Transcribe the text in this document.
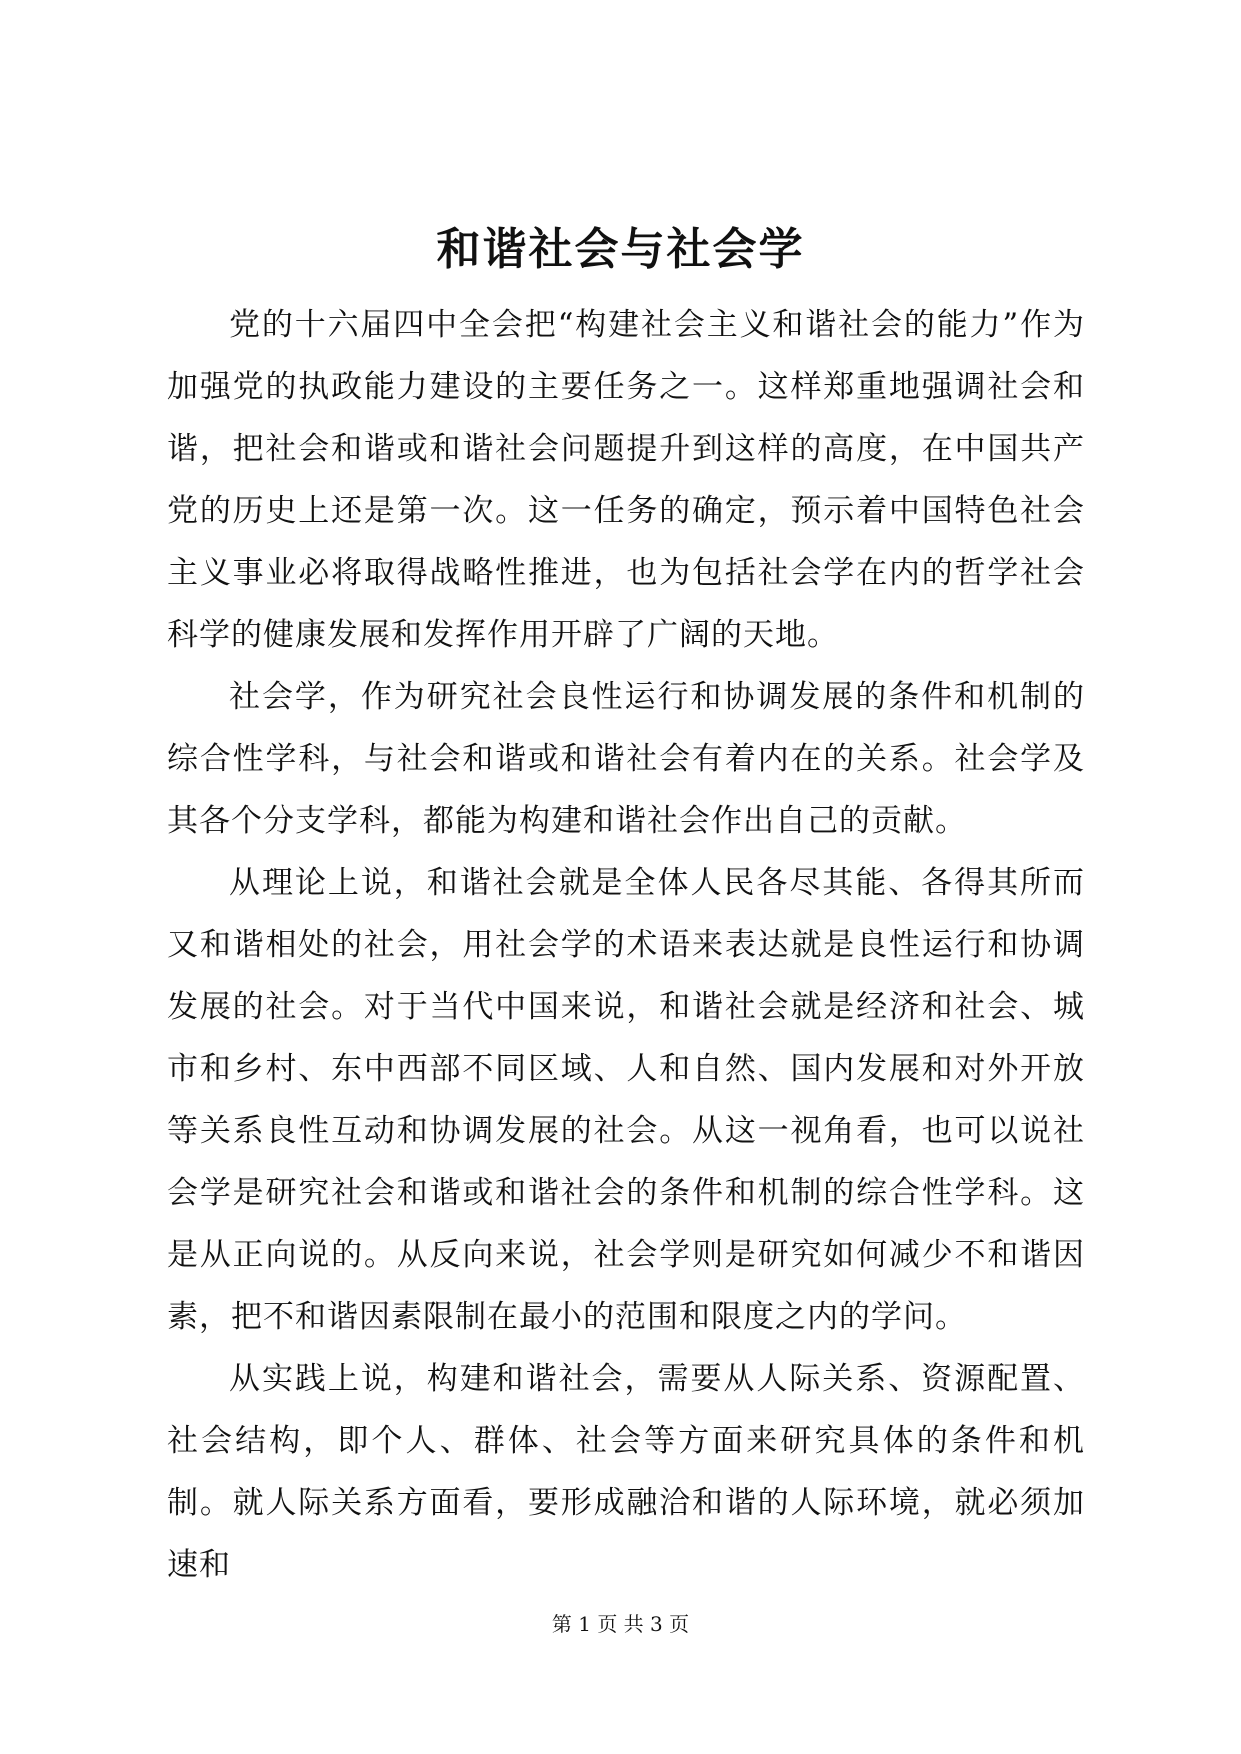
和谐社会与社会学

党的十六届四中全会把“构建社会主义和谐社会的能力”作为加强党的执政能力建设的主要任务之一。这样郑重地强调社会和谐，把社会和谐或和谐社会问题提升到这样的高度，在中国共产党的历史上还是第一次。这一任务的确定，预示着中国特色社会主义事业必将取得战略性推进，也为包括社会学在内的哲学社会科学的健康发展和发挥作用开辟了广阔的天地。

社会学，作为研究社会良性运行和协调发展的条件和机制的综合性学科，与社会和谐或和谐社会有着内在的关系。社会学及其各个分支学科，都能为构建和谐社会作出自己的贡献。

从理论上说，和谐社会就是全体人民各尽其能、各得其所而又和谐相处的社会，用社会学的术语来表达就是良性运行和协调发展的社会。对于当代中国来说，和谐社会就是经济和社会、城市和乡村、东中西部不同区域、人和自然、国内发展和对外开放等关系良性互动和协调发展的社会。从这一视角看，也可以说社会学是研究社会和谐或和谐社会的条件和机制的综合性学科。这是从正向说的。从反向来说，社会学则是研究如何减少不和谐因素，把不和谐因素限制在最小的范围和限度之内的学问。

从实践上说，构建和谐社会，需要从人际关系、资源配置、社会结构，即个人、群体、社会等方面来研究具体的条件和机制。就人际关系方面看，要形成融洽和谐的人际环境，就必须加速和

第 1 页 共 3 页
